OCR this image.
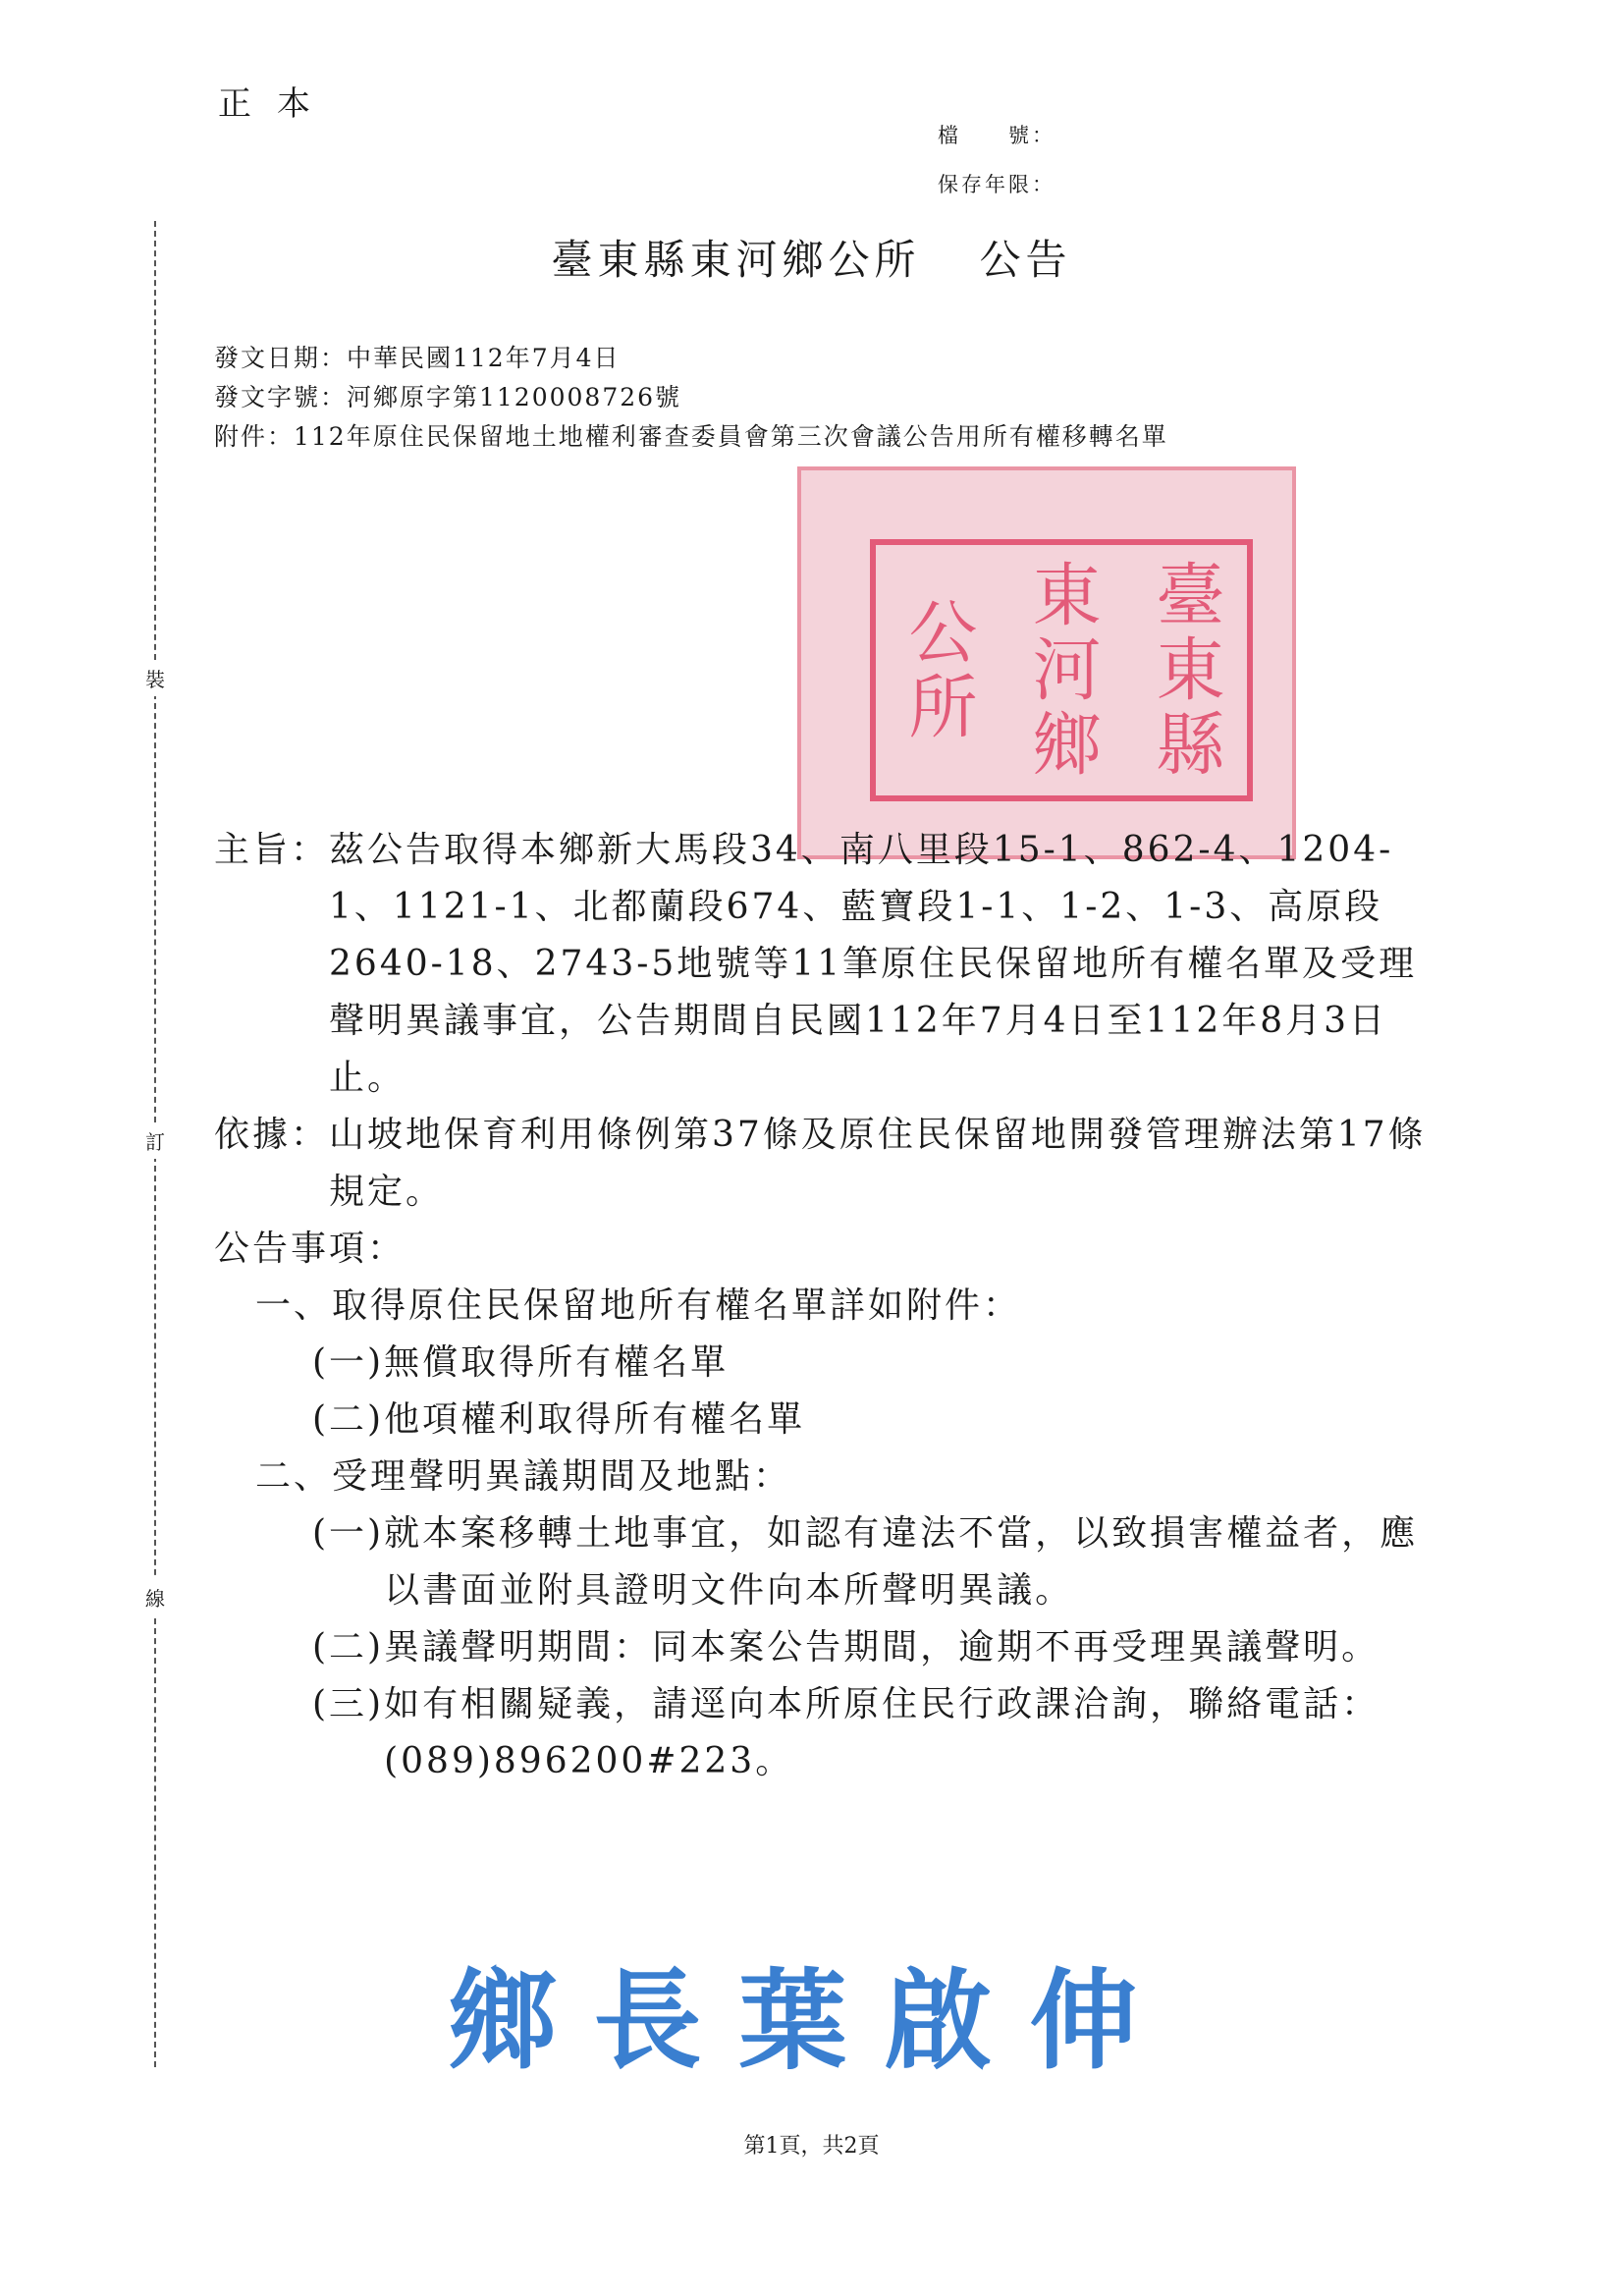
正本
檔　　號：
保存年限：
裝
訂
線
臺東縣東河鄉公所 公告
發文日期：中華民國112年7月4日
發文字號：河鄉原字第1120008726號
附件：112年原住民保留地土地權利審查委員會第三次會議公告用所有權移轉名單
公所 東河鄉 臺東縣
主旨： 茲公告取得本鄉新大馬段34、南八里段15-1、862-4、1204-1、1121-1、北都蘭段674、藍寶段1-1、1-2、1-3、高原段2640-18、2743-5地號等11筆原住民保留地所有權名單及受理聲明異議事宜，公告期間自民國112年7月4日至112年8月3日止。
依據： 山坡地保育利用條例第37條及原住民保留地開發管理辦法第17條規定。
公告事項：
一、 取得原住民保留地所有權名單詳如附件：
(一) 無償取得所有權名單
(二) 他項權利取得所有權名單
二、 受理聲明異議期間及地點：
(一) 就本案移轉土地事宜，如認有違法不當，以致損害權益者，應以書面並附具證明文件向本所聲明異議。
(二) 異議聲明期間：同本案公告期間，逾期不再受理異議聲明。
(三) 如有相關疑義，請逕向本所原住民行政課洽詢，聯絡電話：(089)896200#223。
鄉長葉啟伸
第1頁，共2頁
